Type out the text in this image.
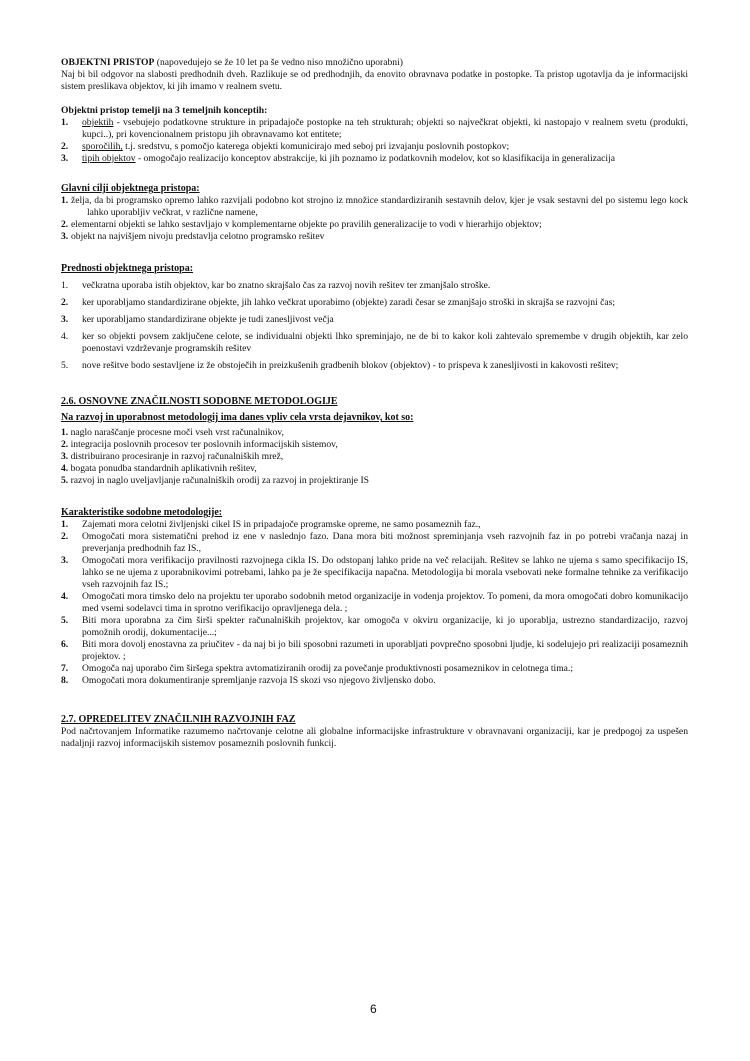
OBJEKTNI PRISTOP (napovedujejo se že 10 let pa še vedno niso množično uporabni)

Naj bi bil odgovor na slabosti predhodnih dveh. Razlikuje se od predhodnjih, da enovito obravnava podatke in postopke. Ta pristop ugotavlja da je informacijski sistem preslikava objektov, ki jih imamo v realnem svetu.

Objektni pristop temelji na 3 temeljnih konceptih:

1. objektih - vsebujejo podatkovne strukture in pripadajoče postopke na teh strukturah; objekti so največkrat objekti, ki nastopajo v realnem svetu (produkti, kupci..), pri kovencionalnem pristopu jih obravnavamo kot entitete;
2. sporočilih, t.j. sredstvu, s pomočjo katerega objekti komunicirajo med seboj pri izvajanju poslovnih postopkov;
3. tipih objektov - omogočajo realizacijo konceptov abstrakcije, ki jih poznamo iz podatkovnih modelov, kot so klasifikacija in generalizacija

Glavni cilji objektnega pristopa:

1. želja, da bi programsko opremo lahko razvijali podobno kot strojno iz množice standardiziranih sestavnih delov, kjer je vsak sestavni del po sistemu lego kock lahko uporabljiv večkrat, v različne namene,
2. elementarni objekti se lahko sestavljajo v komplementarne objekte po pravilih generalizacije to vodi v hierarhijo objektov;
3. objekt na najvišjem nivoju predstavlja celotno programsko rešitev

Prednosti objektnega pristopa:

1. večkratna uporaba istih objektov, kar bo znatno skrajšalo čas za razvoj novih rešitev ter zmanjšalo stroške.
2. ker uporabljamo standardizirane objekte, jih lahko večkrat uporabimo (objekte) zaradi česar se zmanjšajo stroški in skrajša se razvojni čas;
3. ker uporabljamo standardizirane objekte je tudi zanesljivost večja
4. ker so objekti povsem zaključene celote, se individualni objekti lhko spreminjajo, ne de bi to kakor koli zahtevalo spremembe v drugih objektih, kar zelo poenostavi vzdrževanje programskih rešitev
5. nove rešitve bodo sestavljene iz že obstoječih in preizkušenih gradbenih blokov (objektov) - to prispeva k zanesljivosti in kakovosti rešitev;

2.6. OSNOVNE ZNAČILNOSTI SODOBNE METODOLOGIJE

Na razvoj in uporabnost metodologij ima danes vpliv cela vrsta dejavnikov, kot so:

1. naglo naraščanje procesne moči vseh vrst računalnikov,

2. integracija poslovnih procesov ter poslovnih informacijskih sistemov,

3. distribuirano procesiranje in razvoj računalniških mrež,

4. bogata ponudba standardnih aplikativnih rešitev,

5. razvoj in naglo uveljavljanje računalniških orodij za razvoj in projektiranje IS

Karakteristike sodobne metodologije:

1. Zajemati mora celotni življenjski cikel IS in pripadajoče programske opreme, ne samo posameznih faz.,
2. Omogočati mora sistematični prehod iz ene v naslednjo fazo. Dana mora biti možnost spreminjanja vseh razvojnih faz in po potrebi vračanja nazaj in preverjanja predhodnih faz IS.,
3. Omogočati mora verifikacijo pravilnosti razvojnega cikla IS. Do odstopanj lahko pride na več relacijah. Rešitev se lahko ne ujema s samo specifikacijo IS, lahko se ne ujema z uporabnikovimi potrebami, lahko pa je že specifikacija napačna. Metodologija bi morala vsebovati neke formalne tehnike za verifikacijo vseh razvojnih faz IS.;
4. Omogočati mora timsko delo na projektu ter uporabo sodobnih metod organizacije in vodenja projektov. To pomeni, da mora omogočati dobro komunikacijo med vsemi sodelavci tima in sprotno verifikacijo opravljenega dela. ;
5. Biti mora uporabna za čim širši spekter računalniških projektov, kar omogoča v okviru organizacije, ki jo uporablja, ustrezno standardizacijo, razvoj pomožnih orodij, dokumentacije...;
6. Biti mora dovolj enostavna za priučitev - da naj bi jo bili sposobni razumeti in uporabljati povprečno sposobni ljudje, ki sodelujejo pri realizaciji posameznih projektov. ;
7. Omogoča naj uporabo čim širšega spektra avtomatiziranih orodij za povečanje produktivnosti posameznikov in celotnega tima.;
8. Omogočati mora dokumentiranje spremljanje razvoja IS skozi vso njegovo življensko dobo.

2.7. OPREDELITEV ZNAČILNIH RAZVOJNIH FAZ

Pod načrtovanjem Informatike razumemo načrtovanje celotne ali globalne informacijske infrastrukture v obravnavani organizaciji, kar je predpogoj za uspešen nadaljnji razvoj informacijskih sistemov posameznih poslovnih funkcij.

6
